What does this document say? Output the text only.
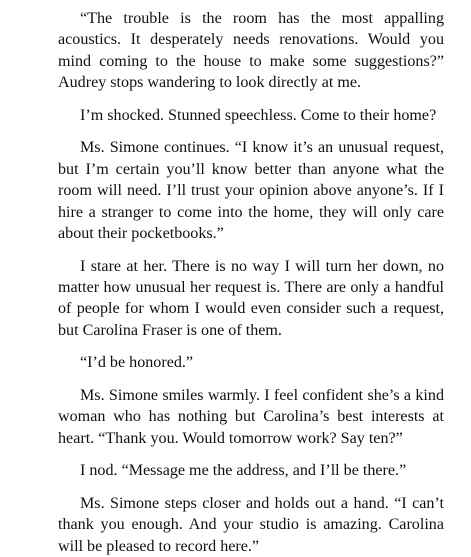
“The trouble is the room has the most appalling acoustics. It desperately needs renovations. Would you mind coming to the house to make some suggestions?” Audrey stops wandering to look directly at me.

I’m shocked. Stunned speechless. Come to their home?

Ms. Simone continues. “I know it’s an unusual request, but I’m certain you’ll know better than anyone what the room will need. I’ll trust your opinion above anyone’s. If I hire a stranger to come into the home, they will only care about their pocketbooks.”

I stare at her. There is no way I will turn her down, no matter how unusual her request is. There are only a handful of people for whom I would even consider such a request, but Carolina Fraser is one of them.

“I’d be honored.”

Ms. Simone smiles warmly. I feel confident she’s a kind woman who has nothing but Carolina’s best interests at heart. “Thank you. Would tomorrow work? Say ten?”

I nod. “Message me the address, and I’ll be there.”

Ms. Simone steps closer and holds out a hand. “I can’t thank you enough. And your studio is amazing. Carolina will be pleased to record here.”
